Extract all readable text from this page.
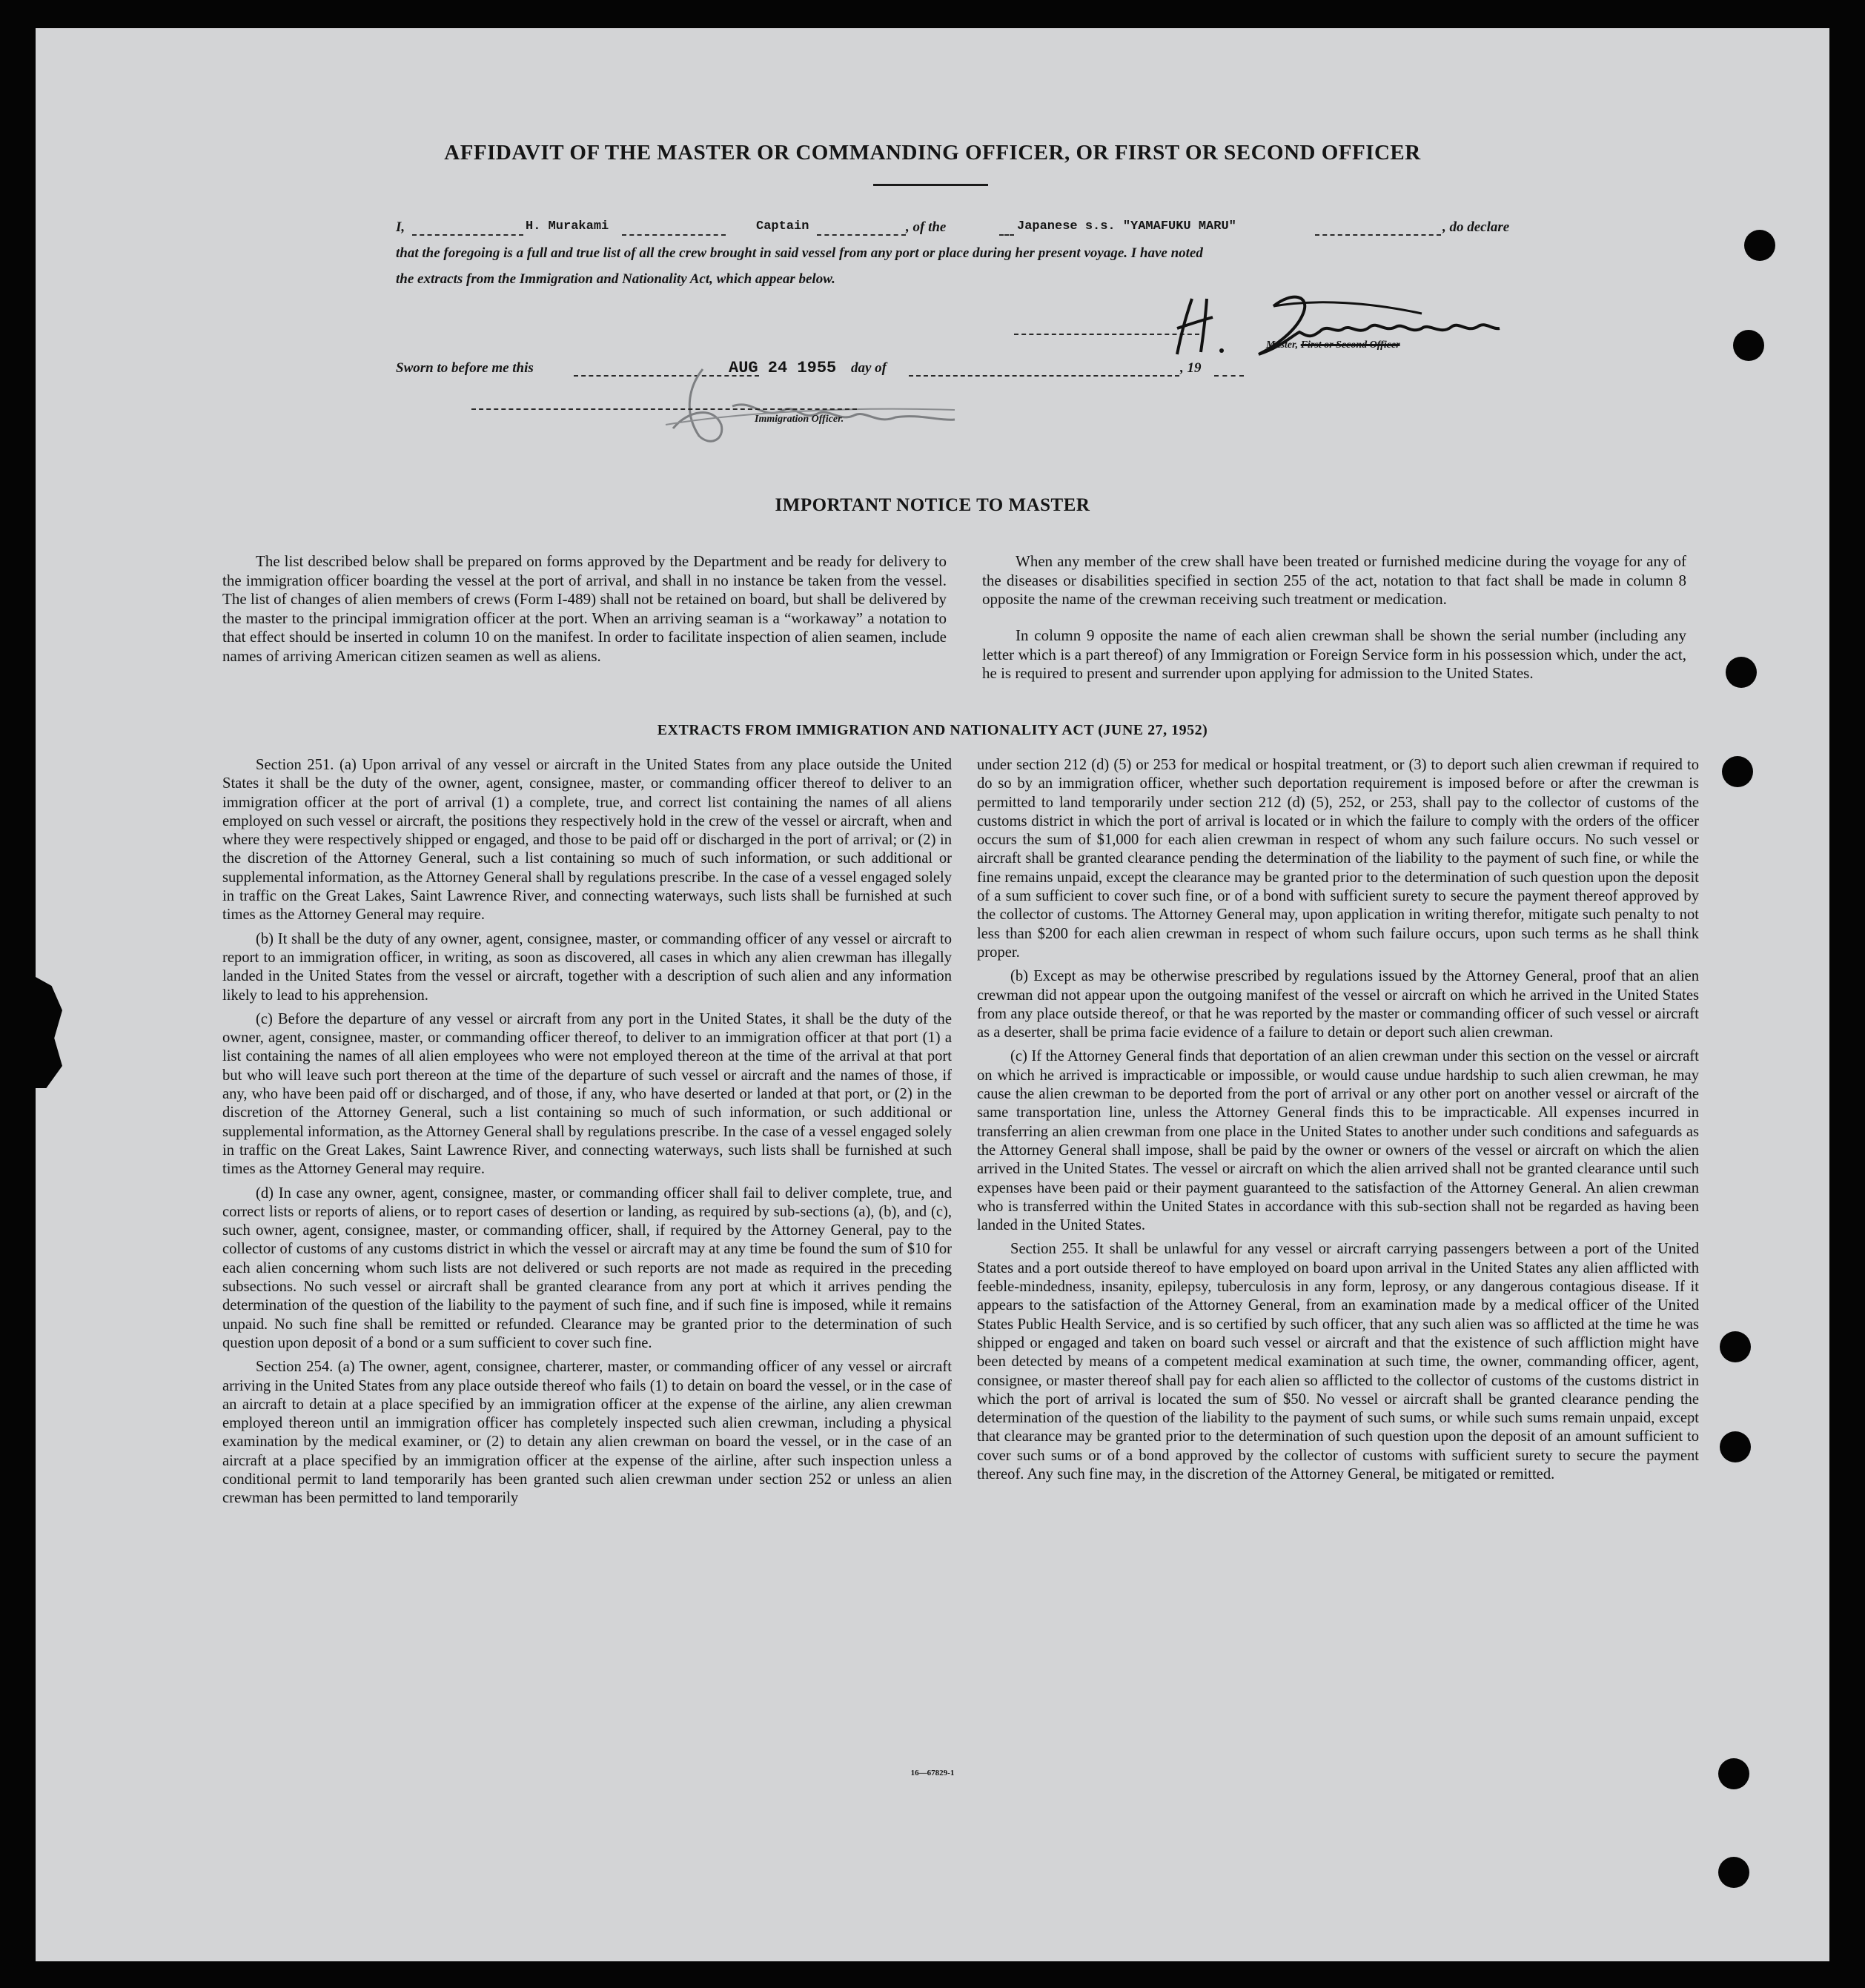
AFFIDAVIT OF THE MASTER OR COMMANDING OFFICER, OR FIRST OR SECOND OFFICER
I,	H. Murakami	Captain	, of the	Japanese s.s. "YAMAFUKU MARU"	, do declare
that the foregoing is a full and true list of all the crew brought in said vessel from any port or place during her present voyage. I have noted
the extracts from the Immigration and Nationality Act, which appear below.
Master, First or Second Officer
Sworn to before me this	AUG 24 1955 day of	, 19
Immigration Officer.
IMPORTANT NOTICE TO MASTER
The list described below shall be prepared on forms approved by the Department and be ready for delivery to the immigration officer boarding the vessel at the port of arrival, and shall in no instance be taken from the vessel. The list of changes of alien members of crews (Form I-489) shall not be retained on board, but shall be delivered by the master to the principal immigration officer at the port. When an arriving seaman is a “workaway” a notation to that effect should be inserted in column 10 on the manifest. In order to facilitate inspection of alien seamen, include names of arriving American citizen seamen as well as aliens.
When any member of the crew shall have been treated or furnished medicine during the voyage for any of the diseases or disabilities specified in section 255 of the act, notation to that fact shall be made in column 8 opposite the name of the crewman receiving such treatment or medication.
In column 9 opposite the name of each alien crewman shall be shown the serial number (including any letter which is a part thereof) of any Immigration or Foreign Service form in his possession which, under the act, he is required to present and surrender upon applying for admission to the United States.
EXTRACTS FROM IMMIGRATION AND NATIONALITY ACT (JUNE 27, 1952)

Section 251. (a) Upon arrival of any vessel or aircraft in the United States from any place outside the United States it shall be the duty of the owner, agent, consignee, master, or commanding officer thereof to deliver to an immigration officer at the port of arrival (1) a complete, true, and correct list containing the names of all aliens employed on such vessel or aircraft, the positions they respectively hold in the crew of the vessel or aircraft, when and where they were respectively shipped or engaged, and those to be paid off or discharged in the port of arrival; or (2) in the discretion of the Attorney General, such a list containing so much of such information, or such additional or supplemental information, as the Attorney General shall by regulations prescribe. In the case of a vessel engaged solely in traffic on the Great Lakes, Saint Lawrence River, and connecting waterways, such lists shall be furnished at such times as the Attorney General may require.

(b) It shall be the duty of any owner, agent, consignee, master, or commanding officer of any vessel or aircraft to report to an immigration officer, in writing, as soon as discovered, all cases in which any alien crewman has illegally landed in the United States from the vessel or aircraft, together with a description of such alien and any information likely to lead to his apprehension.

(c) Before the departure of any vessel or aircraft from any port in the United States, it shall be the duty of the owner, agent, consignee, master, or commanding officer thereof, to deliver to an immigration officer at that port (1) a list containing the names of all alien employees who were not employed thereon at the time of the arrival at that port but who will leave such port thereon at the time of the departure of such vessel or aircraft and the names of those, if any, who have been paid off or discharged, and of those, if any, who have deserted or landed at that port, or (2) in the discretion of the Attorney General, such a list containing so much of such information, or such additional or supplemental information, as the Attorney General shall by regulations prescribe. In the case of a vessel engaged solely in traffic on the Great Lakes, Saint Lawrence River, and connecting waterways, such lists shall be furnished at such times as the Attorney General may require.

(d) In case any owner, agent, consignee, master, or commanding officer shall fail to deliver complete, true, and correct lists or reports of aliens, or to report cases of desertion or landing, as required by sub-sections (a), (b), and (c), such owner, agent, consignee, master, or commanding officer, shall, if required by the Attorney General, pay to the collector of customs of any customs district in which the vessel or aircraft may at any time be found the sum of $10 for each alien concerning whom such lists are not delivered or such reports are not made as required in the preceding subsections. No such vessel or aircraft shall be granted clearance from any port at which it arrives pending the determination of the question of the liability to the payment of such fine, and if such fine is imposed, while it remains unpaid. No such fine shall be remitted or refunded. Clearance may be granted prior to the determination of such question upon deposit of a bond or a sum sufficient to cover such fine.

Section 254. (a) The owner, agent, consignee, charterer, master, or commanding officer of any vessel or aircraft arriving in the United States from any place outside thereof who fails (1) to detain on board the vessel, or in the case of an aircraft to detain at a place specified by an immigration officer at the expense of the airline, any alien crewman employed thereon until an immigration officer has completely inspected such alien crewman, including a physical examination by the medical examiner, or (2) to detain any alien crewman on board the vessel, or in the case of an aircraft at a place specified by an immigration officer at the expense of the airline, after such inspection unless a conditional permit to land temporarily has been granted such alien crewman under section 252 or unless an alien crewman has been permitted to land temporarily

under section 212 (d) (5) or 253 for medical or hospital treatment, or (3) to deport such alien crewman if required to do so by an immigration officer, whether such deportation requirement is imposed before or after the crewman is permitted to land temporarily under section 212 (d) (5), 252, or 253, shall pay to the collector of customs of the customs district in which the port of arrival is located or in which the failure to comply with the orders of the officer occurs the sum of $1,000 for each alien crewman in respect of whom any such failure occurs. No such vessel or aircraft shall be granted clearance pending the determination of the liability to the payment of such fine, or while the fine remains unpaid, except the clearance may be granted prior to the determination of such question upon the deposit of a sum sufficient to cover such fine, or of a bond with sufficient surety to secure the payment thereof approved by the collector of customs. The Attorney General may, upon application in writing therefor, mitigate such penalty to not less than $200 for each alien crewman in respect of whom such failure occurs, upon such terms as he shall think proper.

(b) Except as may be otherwise prescribed by regulations issued by the Attorney General, proof that an alien crewman did not appear upon the outgoing manifest of the vessel or aircraft on which he arrived in the United States from any place outside thereof, or that he was reported by the master or commanding officer of such vessel or aircraft as a deserter, shall be prima facie evidence of a failure to detain or deport such alien crewman.

(c) If the Attorney General finds that deportation of an alien crewman under this section on the vessel or aircraft on which he arrived is impracticable or impossible, or would cause undue hardship to such alien crewman, he may cause the alien crewman to be deported from the port of arrival or any other port on another vessel or aircraft of the same transportation line, unless the Attorney General finds this to be impracticable. All expenses incurred in transferring an alien crewman from one place in the United States to another under such conditions and safeguards as the Attorney General shall impose, shall be paid by the owner or owners of the vessel or aircraft on which the alien arrived in the United States. The vessel or aircraft on which the alien arrived shall not be granted clearance until such expenses have been paid or their payment guaranteed to the satisfaction of the Attorney General. An alien crewman who is transferred within the United States in accordance with this sub-section shall not be regarded as having been landed in the United States.

Section 255. It shall be unlawful for any vessel or aircraft carrying passengers between a port of the United States and a port outside thereof to have employed on board upon arrival in the United States any alien afflicted with feeble-mindedness, insanity, epilepsy, tuberculosis in any form, leprosy, or any dangerous contagious disease. If it appears to the satisfaction of the Attorney General, from an examination made by a medical officer of the United States Public Health Service, and is so certified by such officer, that any such alien was so afflicted at the time he was shipped or engaged and taken on board such vessel or aircraft and that the existence of such affliction might have been detected by means of a competent medical examination at such time, the owner, commanding officer, agent, consignee, or master thereof shall pay for each alien so afflicted to the collector of customs of the customs district in which the port of arrival is located the sum of $50. No vessel or aircraft shall be granted clearance pending the determination of the question of the liability to the payment of such sums, or while such sums remain unpaid, except that clearance may be granted prior to the determination of such question upon the deposit of an amount sufficient to cover such sums or of a bond approved by the collector of customs with sufficient surety to secure the payment thereof. Any such fine may, in the discretion of the Attorney General, be mitigated or remitted.

16—67829-1
